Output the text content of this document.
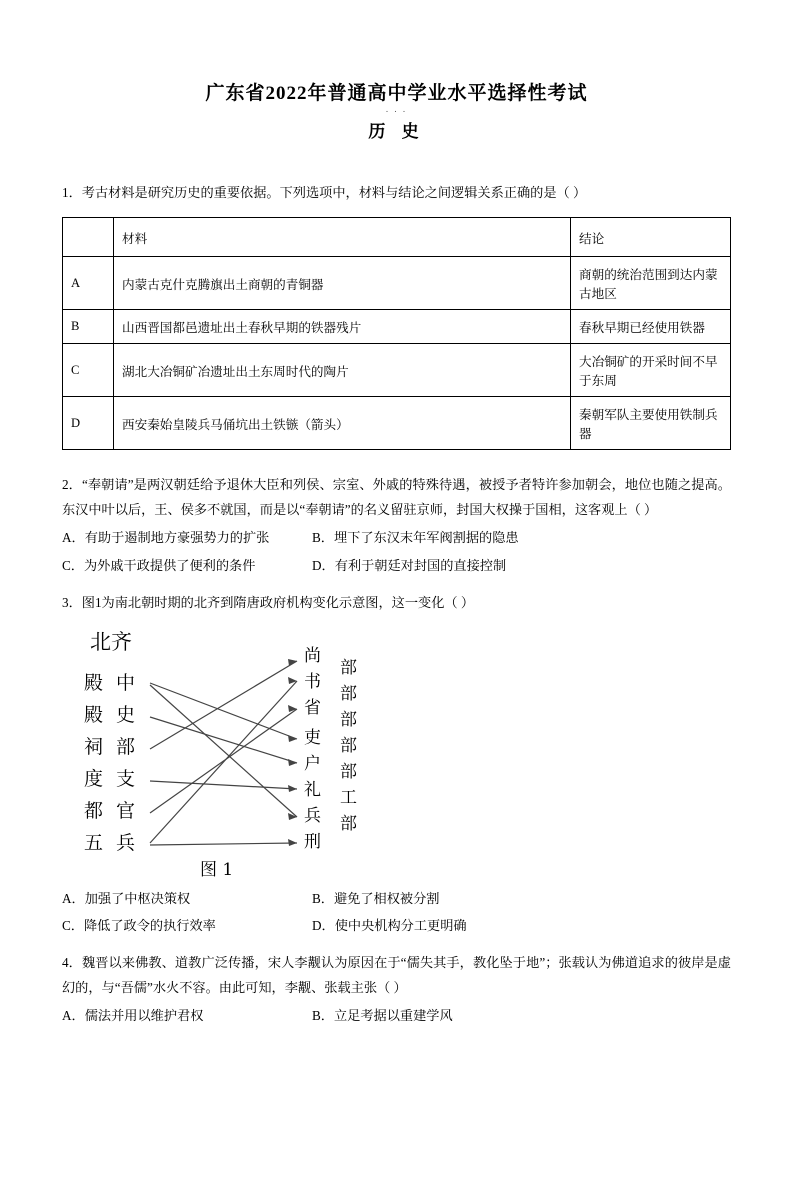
. . .
广东省2022年普通高中学业水平选择性考试
历 史
1．考古材料是研究历史的重要依据。下列选项中，材料与结论之间逻辑关系正确的是（ ）
	材料	结论
A	内蒙古克什克腾旗出土商朝的青铜器	商朝的统治范围到达内蒙古地区
B	山西晋国都邑遗址出土春秋早期的铁器残片	春秋早期已经使用铁器
C	湖北大冶铜矿冶遗址出土东周时代的陶片	大冶铜矿的开采时间不早于东周
D	西安秦始皇陵兵马俑坑出土铁镞（箭头）	秦朝军队主要使用铁制兵器
2．“奉朝请”是两汉朝廷给予退休大臣和列侯、宗室、外戚的特殊待遇，被授予者特许参加朝会，地位也随之提高。东汉中叶以后，王、侯多不就国，而是以“奉朝请”的名义留驻京师，封国大权操于国相，这客观上（ ）
A．有助于遏制地方豪强势力的扩张	B．埋下了东汉末年军阀割据的隐患
C．为外戚干政提供了便利的条件	D．有利于朝廷对封国的直接控制
3．图1为南北朝时期的北齐到隋唐政府机构变化示意图，这一变化（ ）
北齐
殿 中
殿 史
祠 部
度 支
都 官
五 兵
尚
书
省
吏
户
礼
兵
刑
部
部
部
部
部
工
部
图 1
A．加强了中枢决策权	B．避免了相权被分割
C．降低了政令的执行效率	D．使中央机构分工更明确
4．魏晋以来佛教、道教广泛传播，宋人李觏认为原因在于“儒失其手，教化坠于地”；张载认为佛道追求的彼岸是虚幻的，与“吾儒”水火不容。由此可知，李觏、张载主张（ ）
A．儒法并用以维护君权	B．立足考据以重建学风
